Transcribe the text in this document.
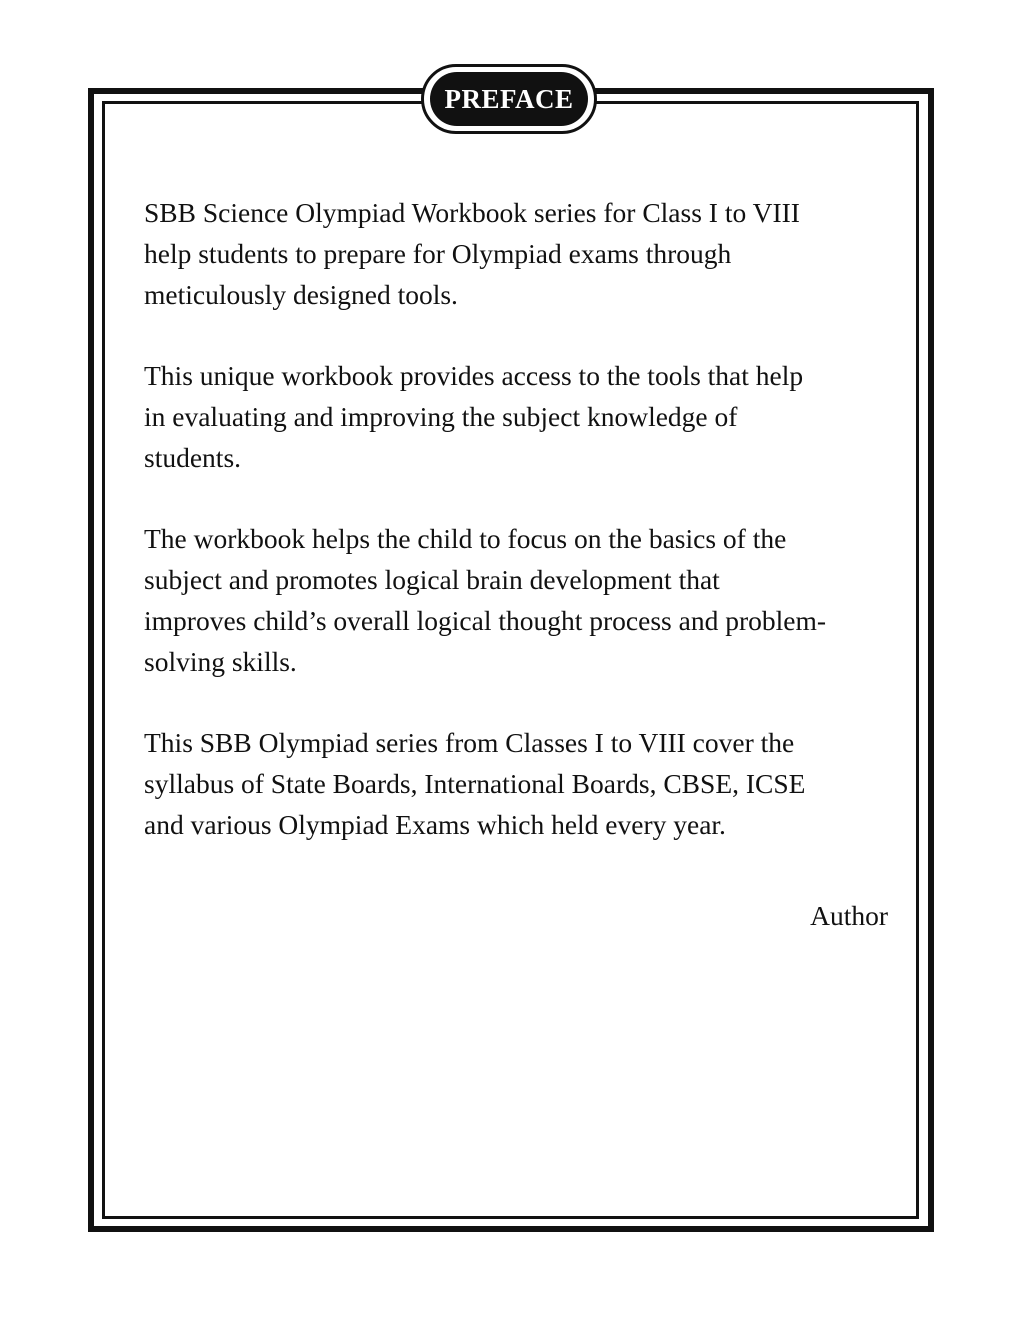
PREFACE

SBB Science Olympiad Workbook series for Class I to VIII
help students to prepare for Olympiad exams through
meticulously designed tools.

This unique workbook provides access to the tools that help
in evaluating and improving the subject knowledge of
students.

The workbook helps the child to focus on the basics of the
subject and promotes logical brain development that
improves child’s overall logical thought process and problem-
solving skills.

This SBB Olympiad series from Classes I to VIII cover the
syllabus of State Boards, International Boards, CBSE, ICSE
and various Olympiad Exams which held every year.

Author
